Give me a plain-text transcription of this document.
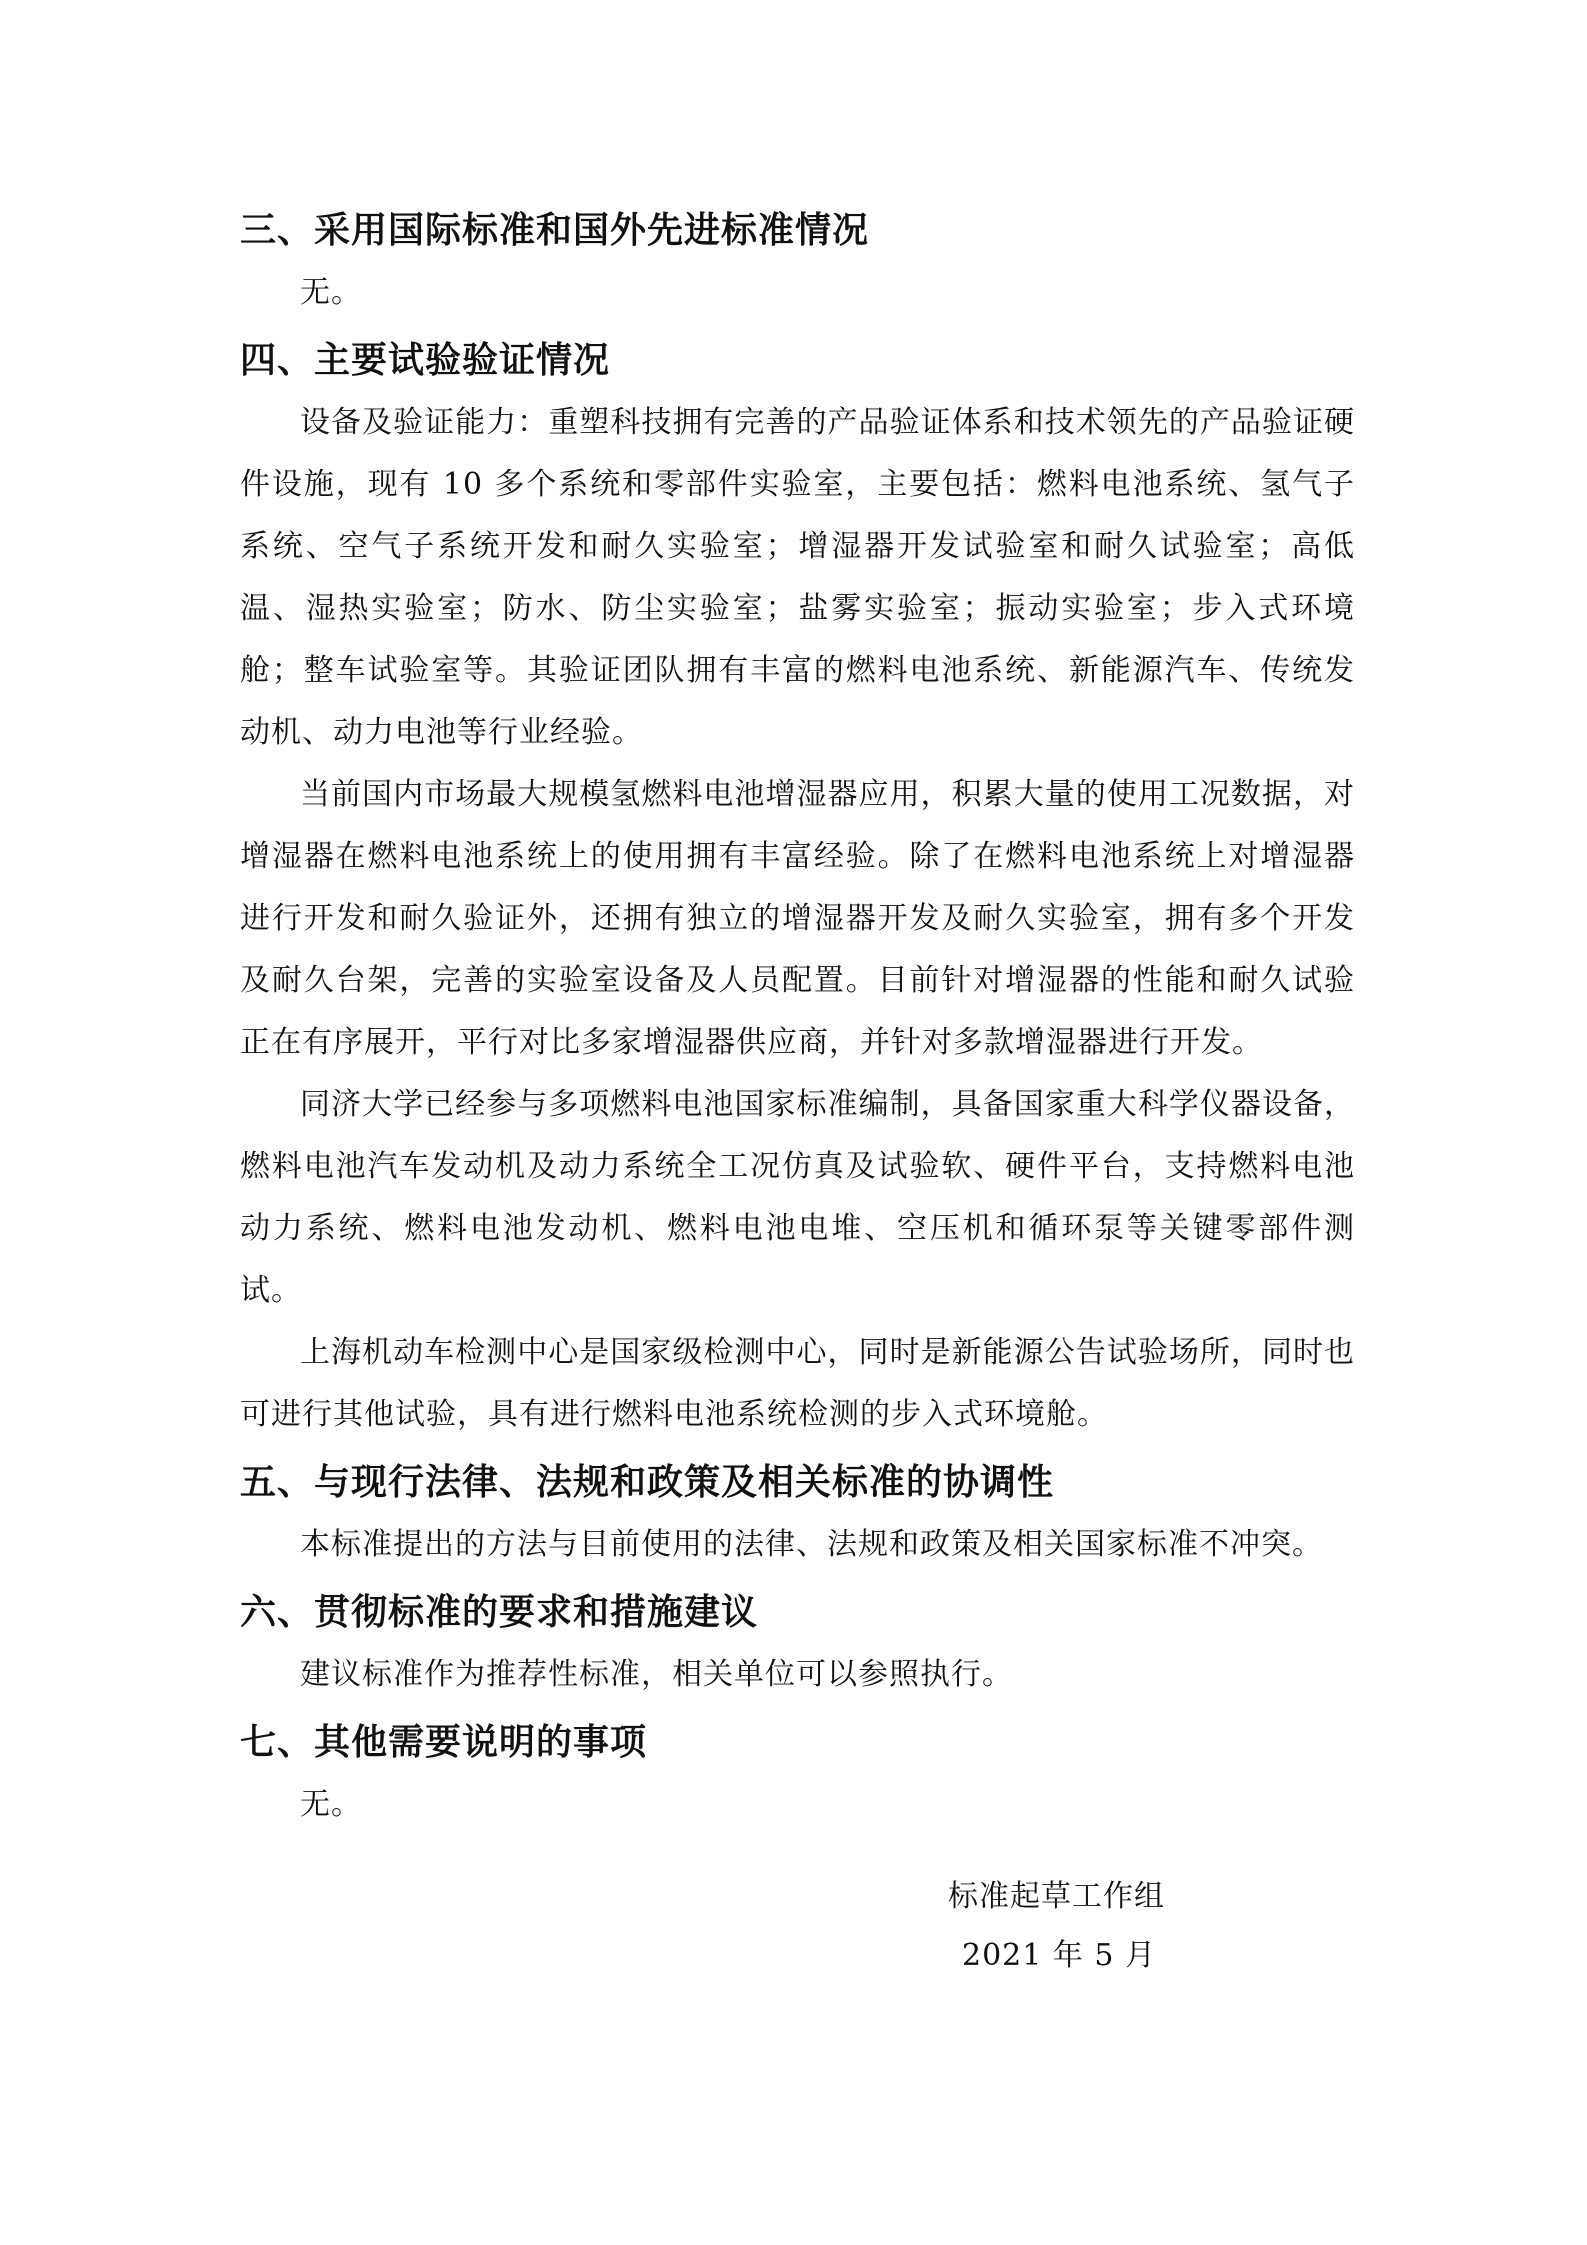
三、采用国际标准和国外先进标准情况

无。

四、主要试验验证情况

设备及验证能力：重塑科技拥有完善的产品验证体系和技术领先的产品验证硬件设施，现有 10 多个系统和零部件实验室，主要包括：燃料电池系统、氢气子系统、空气子系统开发和耐久实验室；增湿器开发试验室和耐久试验室；高低温、湿热实验室；防水、防尘实验室；盐雾实验室；振动实验室；步入式环境舱；整车试验室等。其验证团队拥有丰富的燃料电池系统、新能源汽车、传统发动机、动力电池等行业经验。

当前国内市场最大规模氢燃料电池增湿器应用，积累大量的使用工况数据，对增湿器在燃料电池系统上的使用拥有丰富经验。除了在燃料电池系统上对增湿器进行开发和耐久验证外，还拥有独立的增湿器开发及耐久实验室，拥有多个开发及耐久台架，完善的实验室设备及人员配置。目前针对增湿器的性能和耐久试验正在有序展开，平行对比多家增湿器供应商，并针对多款增湿器进行开发。

同济大学已经参与多项燃料电池国家标准编制，具备国家重大科学仪器设备，燃料电池汽车发动机及动力系统全工况仿真及试验软、硬件平台，支持燃料电池动力系统、燃料电池发动机、燃料电池电堆、空压机和循环泵等关键零部件测试。

上海机动车检测中心是国家级检测中心，同时是新能源公告试验场所，同时也可进行其他试验，具有进行燃料电池系统检测的步入式环境舱。

五、与现行法律、法规和政策及相关标准的协调性

本标准提出的方法与目前使用的法律、法规和政策及相关国家标准不冲突。

六、贯彻标准的要求和措施建议

建议标准作为推荐性标准，相关单位可以参照执行。

七、其他需要说明的事项

无。

标准起草工作组
2021 年 5 月
